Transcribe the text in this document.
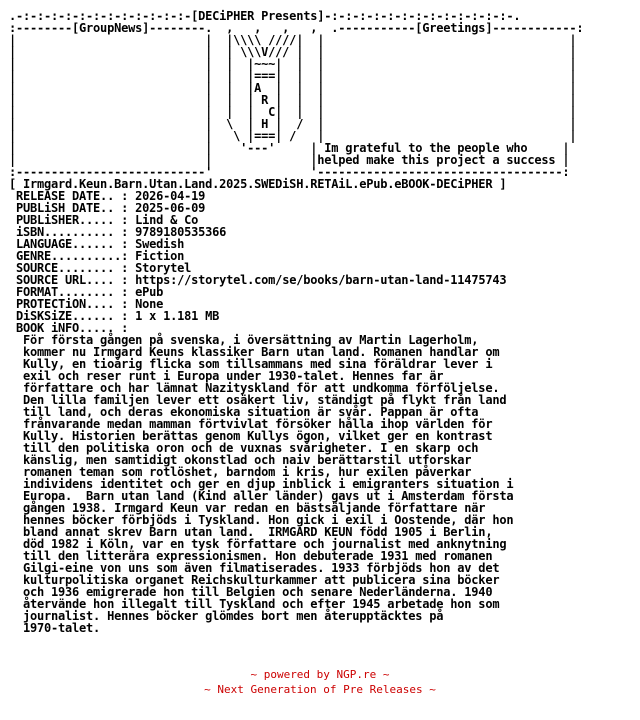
.-:-:-:-:-:-:-:-:-:-:-:-:-[DECiPHER Presents]-:-:-:-:-:-:-:-:-:-:-:-:-:-.
:--------[GroupNews]--------.  ,   ,   ,   ,  .-----------[Greetings]------------:
|                           |  |\\\\ ////|  |                                   |
|                           |  | \\\V/// |  |                                   |
|                           |  |  |~~~|  |  |                                   |
|                           |  |  |===|  |  |                                   |
|                           |  |  |A  |  |  |                                   |
|                           |  |  | R |  |  |                                   |
|                           |  |  |  C|  |  |                                   |
|                           |  \  | H |  /  |                                   |
|                           |   \ |===| /   |                                   |
|                           |    '---'     | Im grateful to the people who     |
|                           |              |helped make this project a success |
:---------------------------'              '-----------------------------------:
[ Irmgard.Keun.Barn.Utan.Land.2025.SWEDiSH.RETAiL.ePub.eBOOK-DECiPHER ]
RELEASE DATE.. : 2026-04-19
PUBLiSH DATE.. : 2025-06-09
PUBLiSHER..... : Lind & Co
iSBN.......... : 9789180535366
LANGUAGE...... : Swedish
GENRE..........: Fiction
SOURCE........ : Storytel
SOURCE URL.... : https://storytel.com/se/books/barn-utan-land-11475743
FORMAT........ : ePub
PROTECTiON.... : None
DiSKSiZE...... : 1 x 1.181 MB
BOOK iNFO..... :
För första gången på svenska, i översättning av Martin Lagerholm,
kommer nu Irmgard Keuns klassiker Barn utan land. Romanen handlar om
Kully, en tioårig flicka som tillsammans med sina föräldrar lever i
exil och reser runt i Europa under 1930-talet. Hennes far är
författare och har lämnat Nazityskland för att undkomma förföljelse.
Den lilla familjen lever ett osäkert liv, ständigt på flykt från land
till land, och deras ekonomiska situation är svår. Pappan är ofta
frånvarande medan mamman förtvivlat försöker hålla ihop världen för
Kully. Historien berättas genom Kullys ögon, vilket ger en kontrast
till den politiska oron och de vuxnas svårigheter. I en skarp och
känslig, men samtidigt okonstlad och naiv berättarstil utforskar
romanen teman som rotlöshet, barndom i kris, hur exilen påverkar
individens identitet och ger en djup inblick i emigranters situation i
Europa.  Barn utan land (Kind aller länder) gavs ut i Amsterdam första
gången 1938. Irmgard Keun var redan en bästsäljande författare när
hennes böcker förbjöds i Tyskland. Hon gick i exil i Oostende, där hon
bland annat skrev Barn utan land.  IRMGARD KEUN född 1905 i Berlin,
död 1982 i Köln, var en tysk författare och journalist med anknytning
till den litterära expressionismen. Hon debuterade 1931 med romanen
Gilgi-eine von uns som även filmatiserades. 1933 förbjöds hon av det
kulturpolitiska organet Reichskulturkammer att publicera sina böcker
och 1936 emigrerade hon till Belgien och senare Nederländerna. 1940
återvände hon illegalt till Tyskland och efter 1945 arbetade hon som
journalist. Hennes böcker glömdes bort men återupptäcktes på
1970-talet.
~ powered by NGP.re ~
~ Next Generation of Pre Releases ~
